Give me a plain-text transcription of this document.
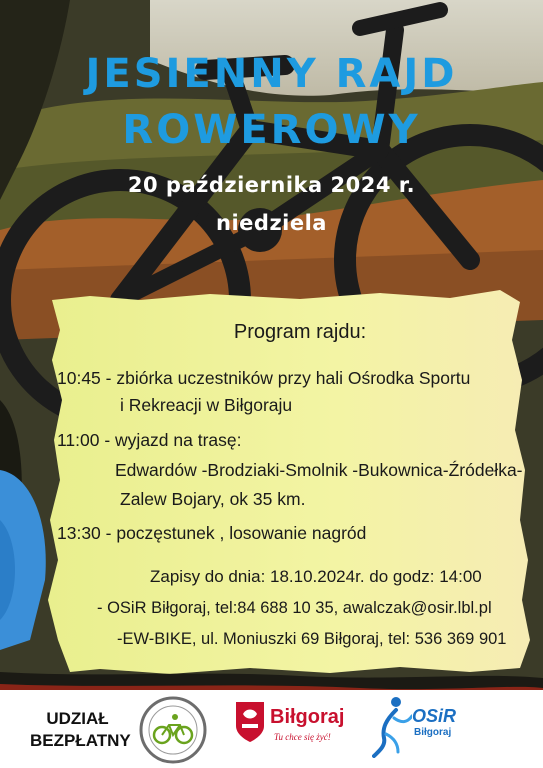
JESIENNY RAJD
ROWEROWY
20 października 2024 r.
niedziela
Program rajdu:
10:45 - zbiórka uczestników przy hali Ośrodka Sportu
i Rekreacji w Biłgoraju
11:00 - wyjazd na trasę:
Edwardów -Brodziaki-Smolnik -Bukownica-Źródełka-
Zalew Bojary, ok 35 km.
13:30 - poczęstunek , losowanie nagród
Zapisy do dnia: 18.10.2024r. do godz: 14:00
- OSiR Biłgoraj, tel:84 688 10 35, awalczak@osir.lbl.pl
-EW-BIKE, ul. Moniuszki 69 Biłgoraj, tel: 536 369 901
UDZIAŁ
BEZPŁATNY
Biłgoraj
Tu chce się żyć!
OSiR
Biłgoraj
